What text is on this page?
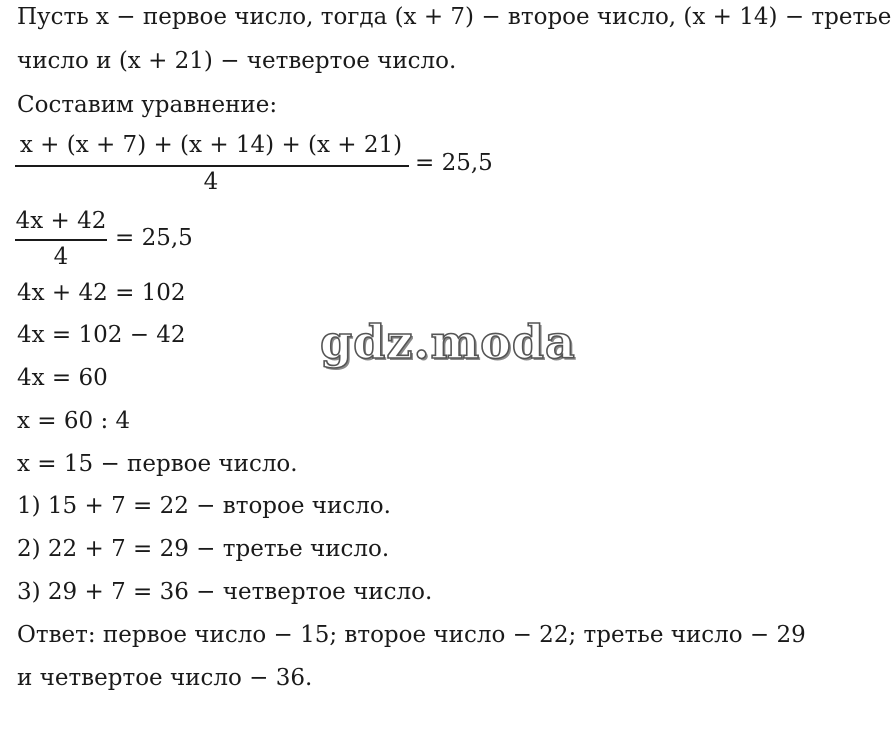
Пусть x − первое число, тогда (x + 7) − второе число, (x + 14) − третье
число и (x + 21) − четвертое число.
Составим уравнение:
x + (x + 7) + (x + 14) + (x + 21)
4
= 25,5
4x + 42
4
= 25,5
4x + 42 = 102
4x = 102 − 42
4x = 60
x = 60 : 4
x = 15 − первое число.
1) 15 + 7 = 22 − второе число.
2) 22 + 7 = 29 − третье число.
3) 29 + 7 = 36 − четвертое число.
Ответ: первое число − 15; второе число − 22; третье число − 29
и четвертое число − 36.
gdz.moda
